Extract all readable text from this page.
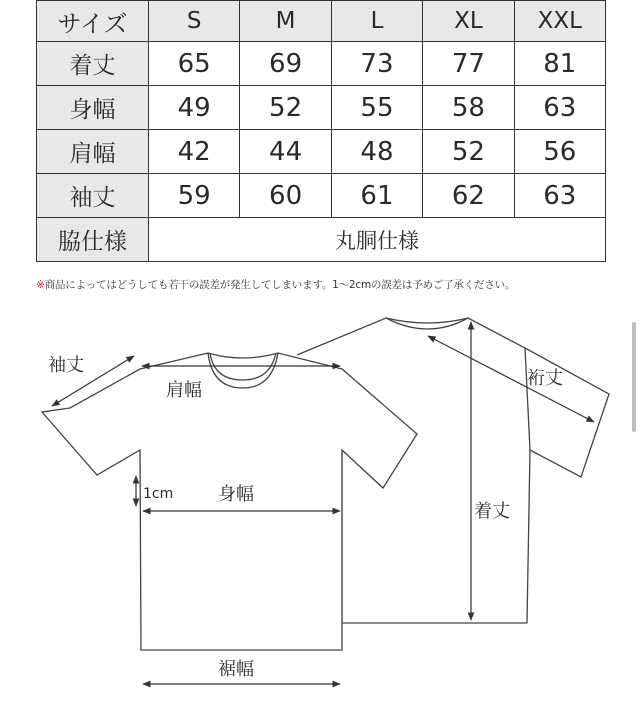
サイズ	S	M	L	XL	XXL
着丈	65	69	73	77	81
身幅	49	52	55	58	63
肩幅	42	44	48	52	56
袖丈	59	60	61	62	63
脇仕様	丸胴仕様				
※商品によってはどうしても若干の誤差が発生してしまいます。1〜2cmの誤差は予めご了承ください。
袖丈
肩幅
1cm 身幅
裄丈
着丈
裾幅
